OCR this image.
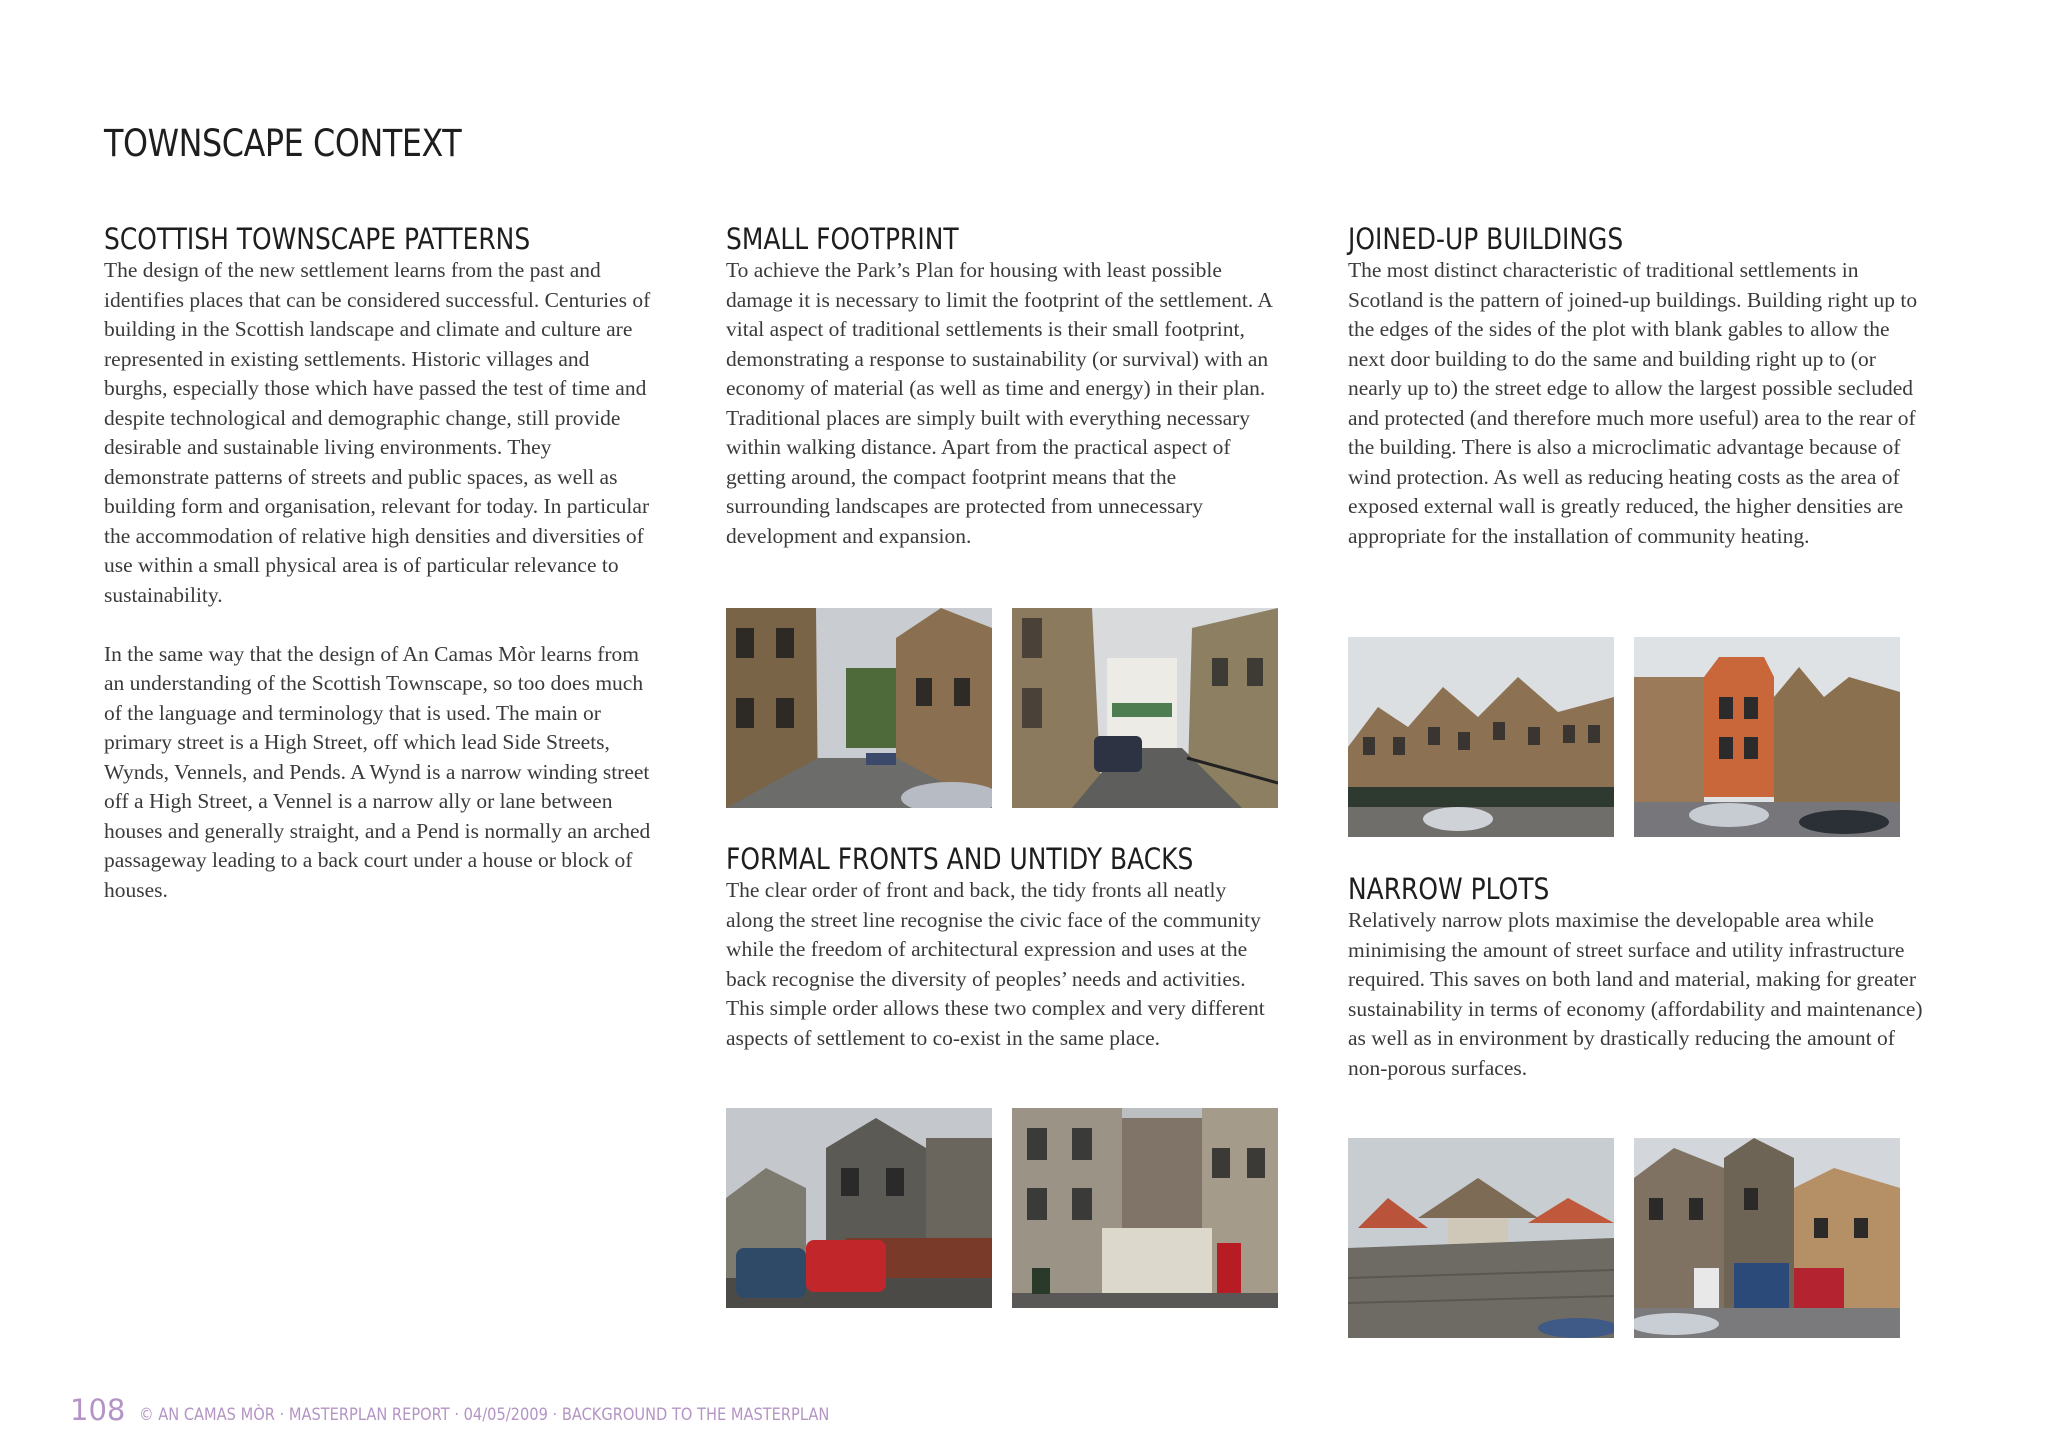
TOWNSCAPE CONTEXT
SCOTTISH TOWNSCAPE PATTERNS

The design of the new settlement learns from the past and identifies places that can be considered successful. Centuries of building in the Scottish landscape and climate and culture are represented in existing settlements. Historic villages and burghs, especially those which have passed the test of time and despite technological and demographic change, still provide desirable and sustainable living environments. They demonstrate patterns of streets and public spaces, as well as building form and organisation, relevant for today. In particular the accommodation of relative high densities and diversities of use within a small physical area is of particular relevance to sustainability.

In the same way that the design of An Camas Mòr learns from an understanding of the Scottish Townscape, so too does much of the language and terminology that is used. The main or primary street is a High Street, off which lead Side Streets, Wynds, Vennels, and Pends. A Wynd is a narrow winding street off a High Street, a Vennel is a narrow ally or lane between houses and generally straight, and a Pend is normally an arched passageway leading to a back court under a house or block of houses.

SMALL FOOTPRINT

To achieve the Park’s Plan for housing with least possible damage it is necessary to limit the footprint of the settlement. A vital aspect of traditional settlements is their small footprint, demonstrating a response to sustainability (or survival) with an economy of material (as well as time and energy) in their plan. Traditional places are simply built with everything necessary within walking distance. Apart from the practical aspect of getting around, the compact footprint means that the surrounding landscapes are protected from unnecessary development and expansion.

FORMAL FRONTS AND UNTIDY BACKS

The clear order of front and back, the tidy fronts all neatly along the street line recognise the civic face of the community while the freedom of architectural expression and uses at the back recognise the diversity of peoples’ needs and activities. This simple order allows these two complex and very different aspects of settlement to co-exist in the same place.

JOINED-UP BUILDINGS

The most distinct characteristic of traditional settlements in Scotland is the pattern of joined-up buildings. Building right up to the edges of the sides of the plot with blank gables to allow the next door building to do the same and building right up to (or nearly up to) the street edge to allow the largest possible secluded and protected (and therefore much more useful) area to the rear of the building. There is also a microclimatic advantage because of wind protection. As well as reducing heating costs as the area of exposed external wall is greatly reduced, the higher densities are appropriate for the installation of community heating.

NARROW PLOTS

Relatively narrow plots maximise the developable area while minimising the amount of street surface and utility infrastructure required. This saves on both land and material, making for greater sustainability in terms of economy (affordability and maintenance) as well as in environment by drastically reducing the amount of non-porous surfaces.

108 © AN CAMAS MÒR · MASTERPLAN REPORT · 04/05/2009 · BACKGROUND TO THE MASTERPLAN
